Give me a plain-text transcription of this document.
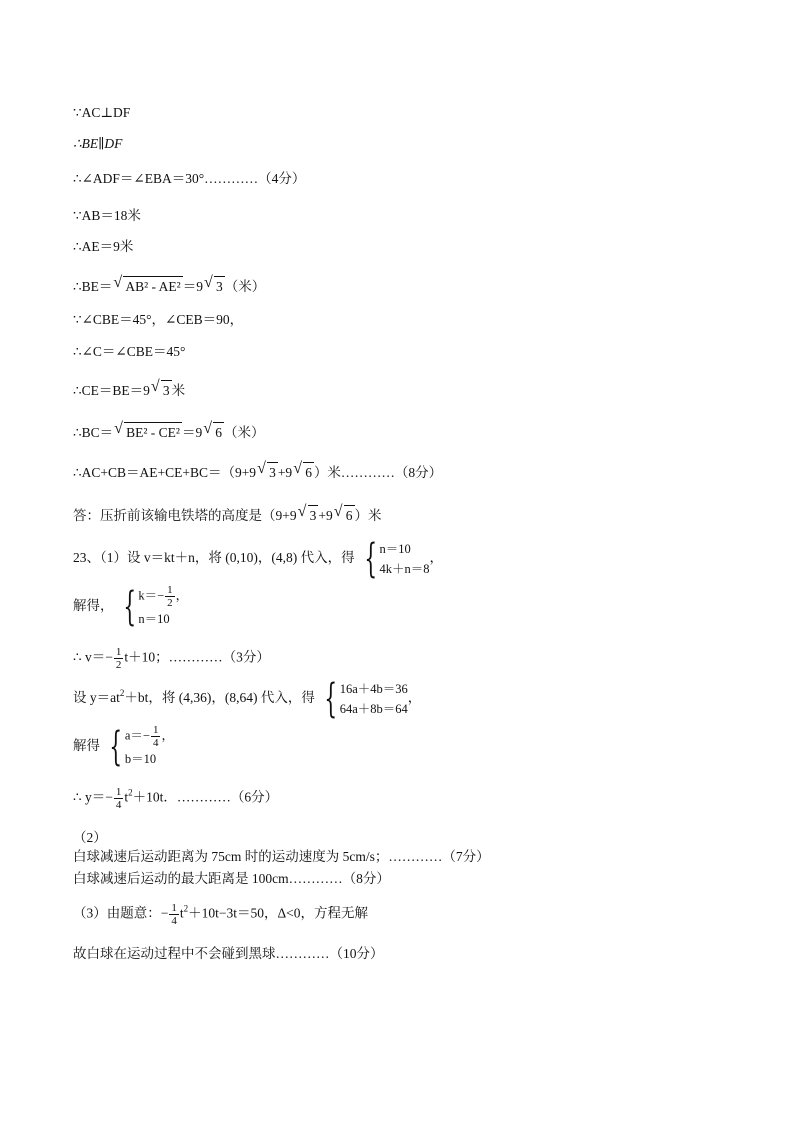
∵AC⊥DF
∴BE∥DF
∴∠ADF＝∠EBA＝30°…………（4分）
∵AB＝18米
∴AE＝9米
∴BE＝ √ AB² - AE² ＝9 √ 3 （米）
∵∠CBE＝45°，∠CEB＝90，
∴∠C＝∠CBE＝45°
∴CE＝BE＝9 √ 3 米
∴BC＝ √ BE² - CE² ＝9 √ 6 （米）
∴AC+CB＝AE+CE+BC＝（9+9 √ 3 +9 √ 6 ）米…………（8分）
答：压折前该输电铁塔的高度是（9+9 √ 3 +9 √ 6 ）米
23、（1）设 v＝kt＋n，将 (0,10)，(4,8) 代入，得 { n＝10
4k＋n＝8
，
解得， { $k=- \frac{1}{2}$ ，
n＝10
∴ $v=- \frac{1}{2} t+10$；…………（3分）
设 $y=at^2+bt$，将 (4,36)，(8,64) 代入，得 { 16a＋4b＝36
64a＋8b＝64
，
解得 { $a=- \frac{1}{4}$ ，
b＝10
∴ $y=- \frac{1}{4} t^2+10t$．…………（6分）
（2）
白球减速后运动距离为 75cm 时的运动速度为 5cm/s；…………（7分）
白球减速后运动的最大距离是 100cm…………（8分）
（3）由题意：− $\frac{1}{4} t^2+10t-3t=50$，Δ<0，方程无解
故白球在运动过程中不会碰到黑球…………（10分）
